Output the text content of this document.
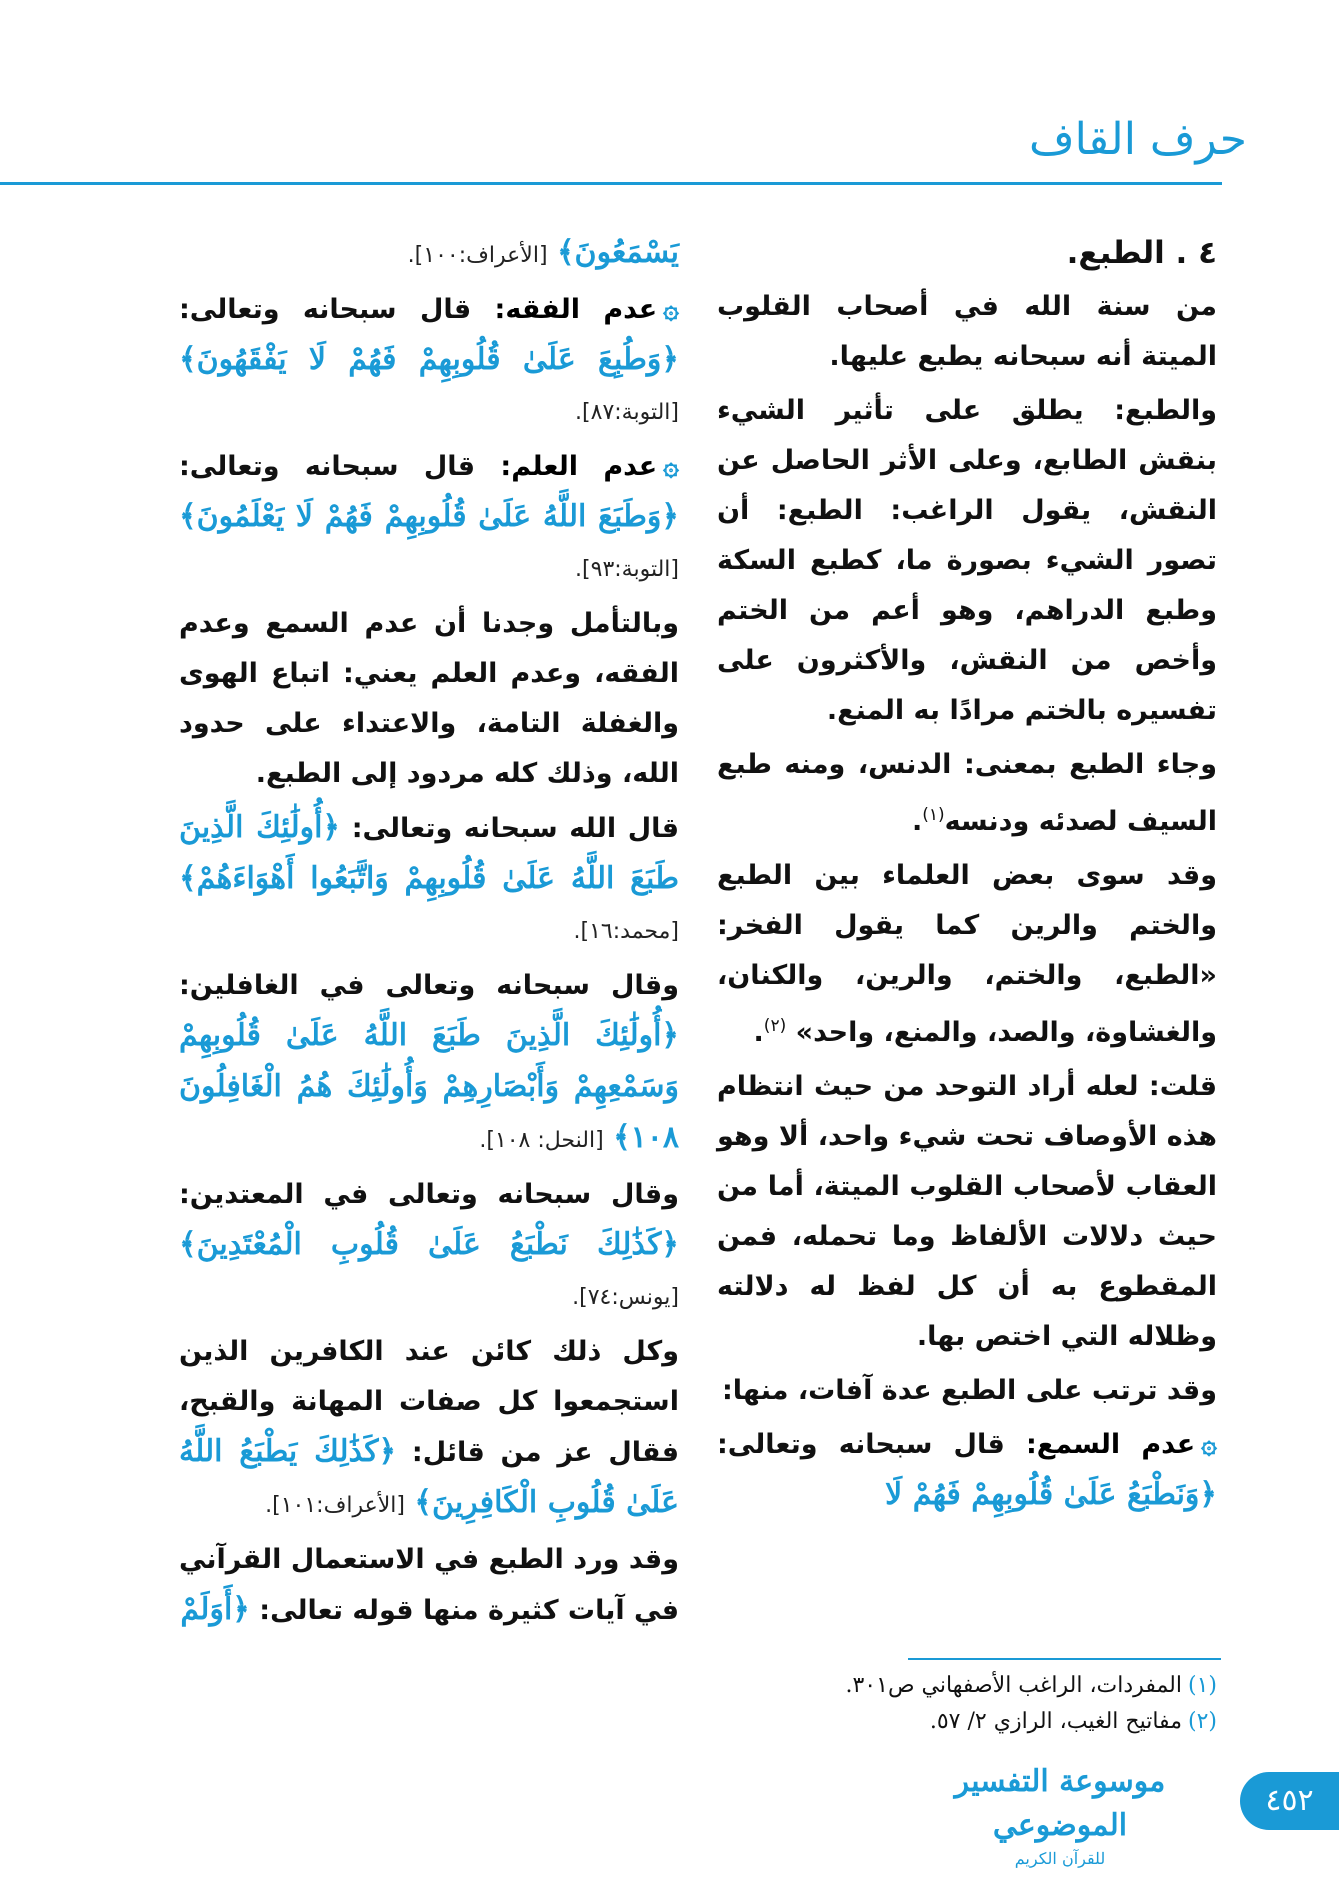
حرف القاف

٤ . الطبع.

من سنة الله في أصحاب القلوب الميتة أنه سبحانه يطبع عليها.

والطبع: يطلق على تأثير الشيء بنقش الطابع، وعلى الأثر الحاصل عن النقش، يقول الراغب: الطبع: أن تصور الشيء بصورة ما، كطبع السكة وطبع الدراهم، وهو أعم من الختم وأخص من النقش، والأكثرون على تفسيره بالختم مرادًا به المنع.

وجاء الطبع بمعنى: الدنس، ومنه طبع السيف لصدئه ودنسه$^{(١)}$.

وقد سوى بعض العلماء بين الطبع والختم والرين كما يقول الفخر: «الطبع، والختم، والرين، والكنان، والغشاوة، والصد، والمنع، واحد» $^{(٢)}$.

قلت: لعله أراد التوحد من حيث انتظام هذه الأوصاف تحت شيء واحد، ألا وهو العقاب لأصحاب القلوب الميتة، أما من حيث دلالات الألفاظ وما تحمله، فمن المقطوع به أن كل لفظ له دلالته وظلاله التي اختص بها.

وقد ترتب على الطبع عدة آفات، منها:

۞عدم السمع: قال سبحانه وتعالى: ﴿وَنَطْبَعُ عَلَىٰ قُلُوبِهِمْ فَهُمْ لَا

يَسْمَعُونَ﴾ [الأعراف:١٠٠].

۞عدم الفقه: قال سبحانه وتعالى: ﴿وَطُبِعَ عَلَىٰ قُلُوبِهِمْ فَهُمْ لَا يَفْقَهُونَ﴾ [التوبة:٨٧].

۞عدم العلم: قال سبحانه وتعالى: ﴿وَطَبَعَ اللَّهُ عَلَىٰ قُلُوبِهِمْ فَهُمْ لَا يَعْلَمُونَ﴾ [التوبة:٩٣].

وبالتأمل وجدنا أن عدم السمع وعدم الفقه، وعدم العلم يعني: اتباع الهوى والغفلة التامة، والاعتداء على حدود الله، وذلك كله مردود إلى الطبع.

قال الله سبحانه وتعالى: ﴿أُولَٰئِكَ الَّذِينَ طَبَعَ اللَّهُ عَلَىٰ قُلُوبِهِمْ وَاتَّبَعُوا أَهْوَاءَهُمْ﴾ [محمد:١٦].

وقال سبحانه وتعالى في الغافلين: ﴿أُولَٰئِكَ الَّذِينَ طَبَعَ اللَّهُ عَلَىٰ قُلُوبِهِمْ وَسَمْعِهِمْ وَأَبْصَارِهِمْ وَأُولَٰئِكَ هُمُ الْغَافِلُونَ ١٠٨﴾ [النحل: ١٠٨].

وقال سبحانه وتعالى في المعتدين: ﴿كَذَٰلِكَ نَطْبَعُ عَلَىٰ قُلُوبِ الْمُعْتَدِينَ﴾ [يونس:٧٤].

وكل ذلك كائن عند الكافرين الذين استجمعوا كل صفات المهانة والقبح، فقال عز من قائل: ﴿كَذَٰلِكَ يَطْبَعُ اللَّهُ عَلَىٰ قُلُوبِ الْكَافِرِينَ﴾ [الأعراف:١٠١].

وقد ورد الطبع في الاستعمال القرآني في آيات كثيرة منها قوله تعالى: ﴿أَوَلَمْ

(١)المفردات، الراغب الأصفهاني ص٣٠١.
(٢)مفاتيح الغيب، الرازي ٢/ ٥٧.
موسوعة التفسير الموضوعي
للقرآن الكريم
٤٥٢
